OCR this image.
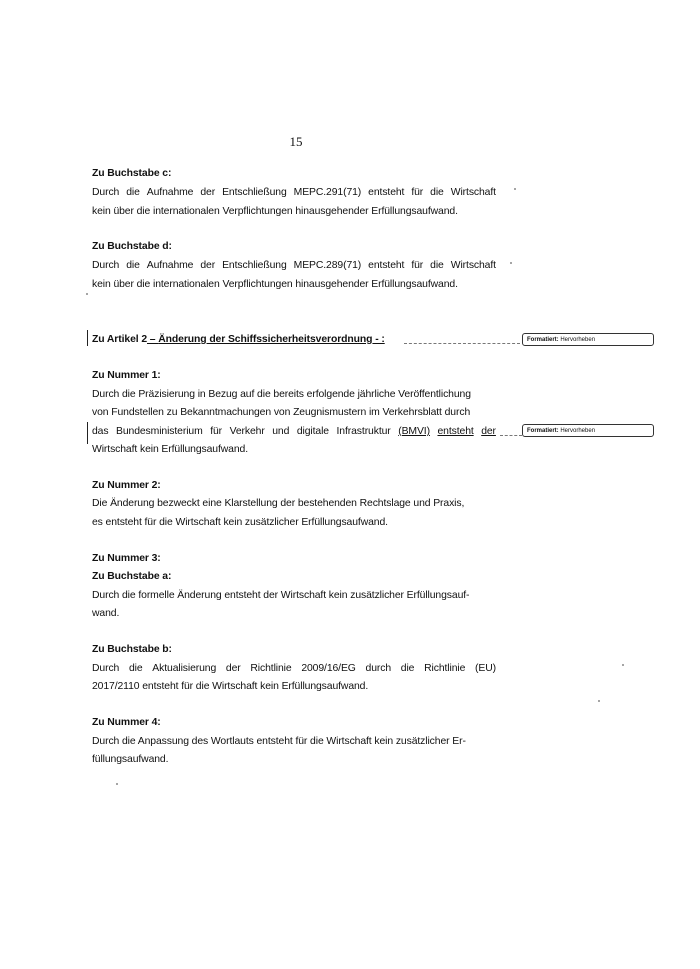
15
Zu Buchstabe c:
Durch die Aufnahme der Entschließung MEPC.291(71) entsteht für die Wirtschaft
kein über die internationalen Verpflichtungen hinausgehender Erfüllungsaufwand.
Zu Buchstabe d:
Durch die Aufnahme der Entschließung MEPC.289(71) entsteht für die Wirtschaft
kein über die internationalen Verpflichtungen hinausgehender Erfüllungsaufwand.
Zu Artikel 2 – Änderung der Schiffssicherheitsverordnung - :	Formatiert: Hervorheben
Zu Nummer 1:
Durch die Präzisierung in Bezug auf die bereits erfolgende jährliche Veröffentlichung
von Fundstellen zu Bekanntmachungen von Zeugnismustern im Verkehrsblatt durch
das Bundesministerium für Verkehr und digitale Infrastruktur (BMVI) entsteht der
Wirtschaft kein Erfüllungsaufwand.
Formatiert: Hervorheben
Zu Nummer 2:
Die Änderung bezweckt eine Klarstellung der bestehenden Rechtslage und Praxis,
es entsteht für die Wirtschaft kein zusätzlicher Erfüllungsaufwand.
Zu Nummer 3:
Zu Buchstabe a:
Durch die formelle Änderung entsteht der Wirtschaft kein zusätzlicher Erfüllungsauf-
wand.
Zu Buchstabe b:
Durch die Aktualisierung der Richtlinie 2009/16/EG durch die Richtlinie (EU)
2017/2110 entsteht für die Wirtschaft kein Erfüllungsaufwand.
Zu Nummer 4:
Durch die Anpassung des Wortlauts entsteht für die Wirtschaft kein zusätzlicher Er-
füllungsaufwand.
